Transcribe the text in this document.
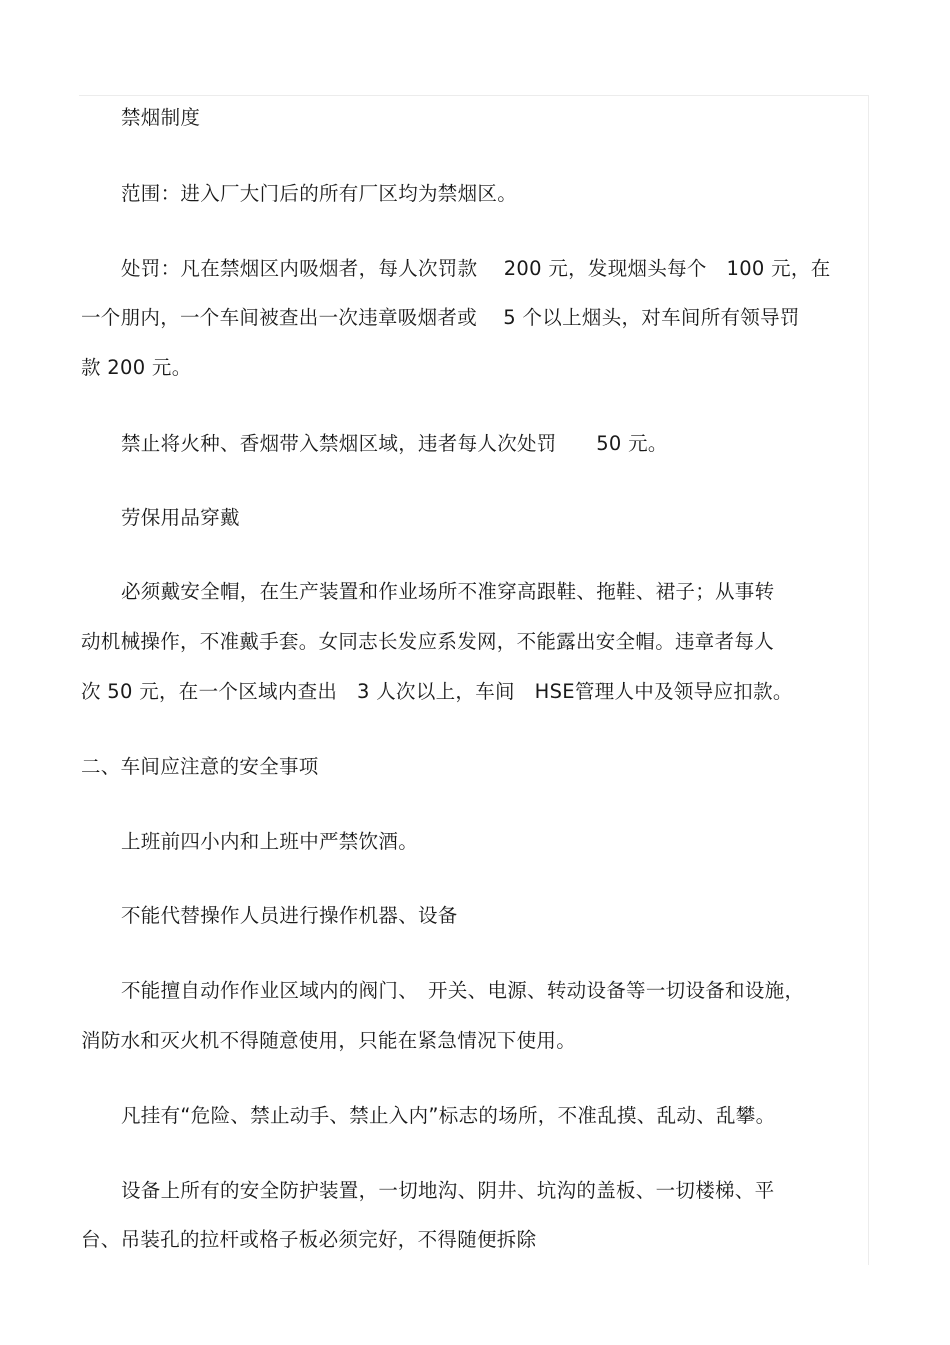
禁烟制度
范围：进入厂大门后的所有厂区均为禁烟区。
处罚：凡在禁烟区内吸烟者，每人次罚款　 200 元，发现烟头每个　100 元，在
一个朋内，一个车间被查出一次违章吸烟者或　 5 个以上烟头，对车间所有领导罚
款 200 元。
禁止将火种、香烟带入禁烟区域，违者每人次处罚　　50 元。
劳保用品穿戴
必须戴安全帽，在生产装置和作业场所不准穿高跟鞋、拖鞋、裙子；从事转
动机械操作，不准戴手套。女同志长发应系发网，不能露出安全帽。违章者每人
次 50 元，在一个区域内查出　3 人次以上，车间　HSE管理人中及领导应扣款。
二、车间应注意的安全事项
上班前四小内和上班中严禁饮酒。
不能代替操作人员进行操作机器、设备
不能擅自动作作业区域内的阀门、　开关、电源、转动设备等一切设备和设施，
消防水和灭火机不得随意使用，只能在紧急情况下使用。
凡挂有“危险、禁止动手、禁止入内”标志的场所，不准乱摸、乱动、乱攀。
设备上所有的安全防护装置，一切地沟、阴井、坑沟的盖板、一切楼梯、平
台、吊装孔的拉杆或格子板必须完好，不得随便拆除
